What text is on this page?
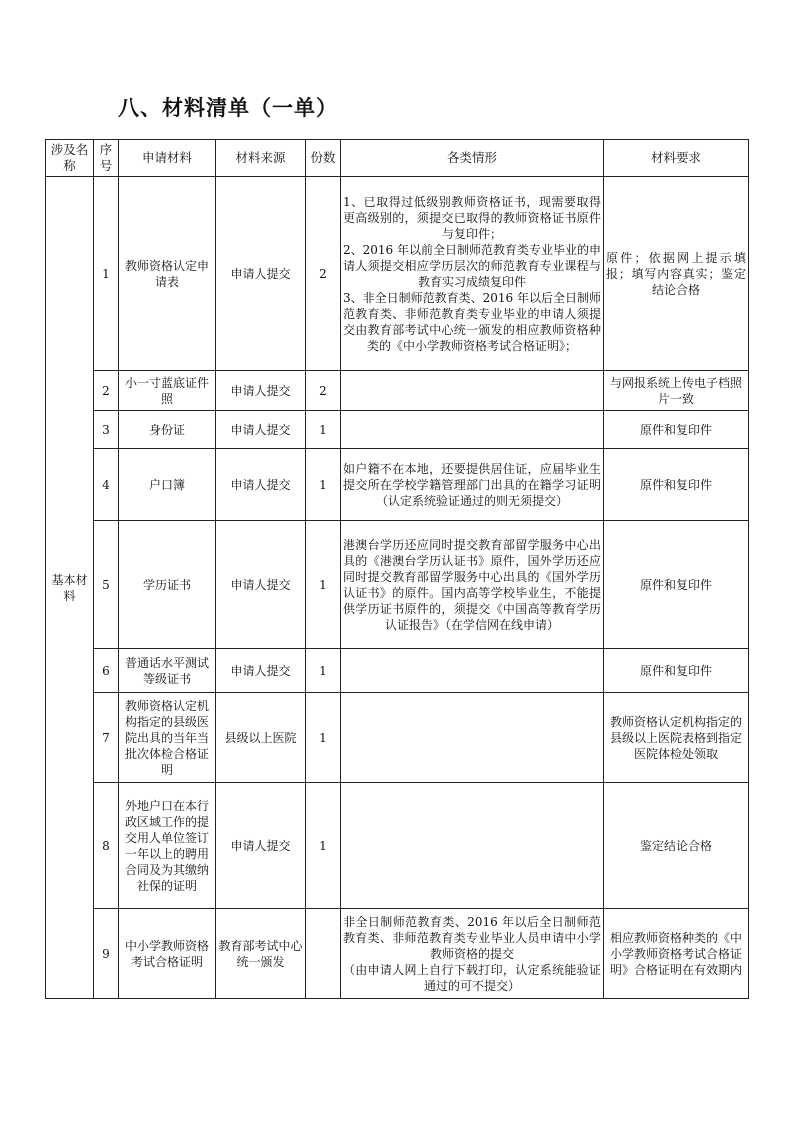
八、材料清单（一单）
涉及名称	序号	申请材料	材料来源	份数	各类情形	材料要求
基本材料	1	教师资格认定申请表	申请人提交	2	1、已取得过低级别教师资格证书，现需要取得更高级别的，须提交已取得的教师资格证书原件与复印件；
2、2016 年以前全日制师范教育类专业毕业的申请人须提交相应学历层次的师范教育专业课程与教育实习成绩复印件
3、非全日制师范教育类、2016 年以后全日制师范教育类、非师范教育类专业毕业的申请人须提交由教育部考试中心统一颁发的相应教师资格种类的《中小学教师资格考试合格证明》；	原件；依据网上提示填报；填写内容真实；鉴定结论合格
	2	小一寸蓝底证件照	申请人提交	2		与网报系统上传电子档照片一致
	3	身份证	申请人提交	1		原件和复印件
	4	户口簿	申请人提交	1	如户籍不在本地，还要提供居住证，应届毕业生提交所在学校学籍管理部门出具的在籍学习证明（认定系统验证通过的则无须提交）	原件和复印件
	5	学历证书	申请人提交	1	港澳台学历还应同时提交教育部留学服务中心出具的《港澳台学历认证书》原件，国外学历还应同时提交教育部留学服务中心出具的《国外学历认证书》的原件。国内高等学校毕业生，不能提供学历证书原件的，须提交《中国高等教育学历认证报告》（在学信网在线申请）	原件和复印件
	6	普通话水平测试等级证书	申请人提交	1		原件和复印件
	7	教师资格认定机构指定的县级医院出具的当年当批次体检合格证明	县级以上医院	1		教师资格认定机构指定的县级以上医院表格到指定医院体检处领取
	8	外地户口在本行政区域工作的提交用人单位签订一年以上的聘用合同及为其缴纳社保的证明	申请人提交	1		鉴定结论合格
	9	中小学教师资格考试合格证明	教育部考试中心统一颁发		非全日制师范教育类、2016 年以后全日制师范教育类、非师范教育类专业毕业人员申请中小学教师资格的提交
（由申请人网上自行下载打印，认定系统能验证通过的可不提交）	相应教师资格种类的《中小学教师资格考试合格证明》合格证明在有效期内
